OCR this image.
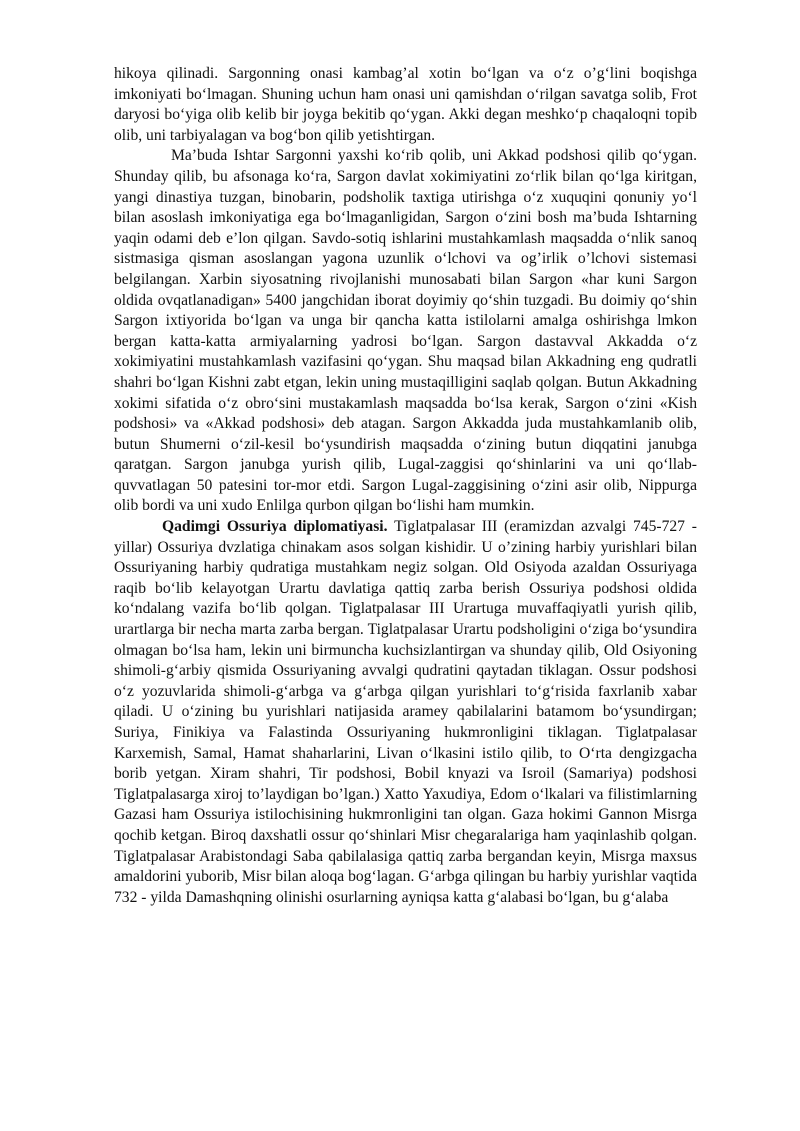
hikoya qilinadi. Sargonning onasi kambag’al xotin bo‘lgan va o‘z o’g‘lini boqishga imkoniyati bo‘lmagan. Shuning uchun ham onasi uni qamishdan o‘rilgan savatga solib, Frot daryosi bo‘yiga olib kelib bir joyga bekitib qo‘ygan. Akki degan meshko‘p chaqaloqni topib olib, uni tarbiyalagan va bog‘bon qilib yetishtirgan.

Ma’buda Ishtar Sargonni yaxshi ko‘rib qolib, uni Akkad podshosi qilib qo‘ygan. Shunday qilib, bu afsonaga ko‘ra, Sargon davlat xokimiyatini zo‘rlik bilan qo‘lga kiritgan, yangi dinastiya tuzgan, binobarin, podsholik taxtiga utirishga o‘z xuquqini qonuniy yo‘l bilan asoslash imkoniyatiga ega bo‘lmaganligidan, Sargon o‘zini bosh ma’buda Ishtarning yaqin odami deb e’lon qilgan. Savdo-sotiq ishlarini mustahkamlash maqsadda o‘nlik sanoq sistmasiga qisman asoslangan yagona uzunlik o‘lchovi va og’irlik o’lchovi sistemasi belgilangan. Xarbin siyosatning rivojlanishi munosabati bilan Sargon «har kuni Sargon oldida ovqatlanadigan» 5400 jangchidan iborat doyimiy qo‘shin tuzgadi. Bu doimiy qo‘shin Sargon ixtiyorida bo‘lgan va unga bir qancha katta istilolarni amalga oshirishga lmkon bergan katta-katta armiyalarning yadrosi bo‘lgan. Sargon dastavval Akkadda o‘z xokimiyatini mustahkamlash vazifasini qo‘ygan. Shu maqsad bilan Akkadning eng qudratli shahri bo‘lgan Kishni zabt etgan, lekin uning mustaqilligini saqlab qolgan. Butun Akkadning xokimi sifatida o‘z obro‘sini mustakamlash maqsadda bo‘lsa kerak, Sargon o‘zini «Kish podshosi» va «Akkad podshosi» deb atagan. Sargon Akkadda juda mustahkamlanib olib, butun Shumerni o‘zil-kesil bo‘ysundirish maqsadda o‘zining butun diqqatini janubga qaratgan. Sargon janubga yurish qilib, Lugal-zaggisi qo‘shinlarini va uni qo‘llab-quvvatlagan 50 patesini tor-mor etdi. Sargon Lugal-zaggisining o‘zini asir olib, Nippurga olib bordi va uni xudo Enlilga qurbon qilgan bo‘lishi ham mumkin.

Qadimgi Ossuriya diplomatiyasi. Tiglatpalasar III (eramizdan azvalgi 745-727 - yillar) Ossuriya dvzlatiga chinakam asos solgan kishidir. U o’zining harbiy yurishlari bilan Ossuriyaning harbiy qudratiga mustahkam negiz solgan. Old Osiyoda azaldan Ossuriyaga raqib bo‘lib kelayotgan Urartu davlatiga qattiq zarba berish Ossuriya podshosi oldida ko‘ndalang vazifa bo‘lib qolgan. Tiglatpalasar III Urartuga muvaffaqiyatli yurish qilib, urartlarga bir necha marta zarba bergan. Tiglatpalasar Urartu podsholigini o‘ziga bo‘ysundira olmagan bo‘lsa ham, lekin uni birmuncha kuchsizlantirgan va shunday qilib, Old Osiyoning shimoli-g‘arbiy qismida Ossuriyaning avvalgi qudratini qaytadan tiklagan. Ossur podshosi o‘z yozuvlarida shimoli-g‘arbga va g‘arbga qilgan yurishlari to‘g‘risida faxrlanib xabar qiladi. U o‘zining bu yurishlari natijasida aramey qabilalarini batamom bo‘ysundirgan; Suriya, Finikiya va Falastinda Ossuriyaning hukmronligini tiklagan. Tiglatpalasar Karxemish, Samal, Hamat shaharlarini, Livan o‘lkasini istilo qilib, to O‘rta dengizgacha borib yetgan. Xiram shahri, Tir podshosi, Bobil knyazi va Isroil (Samariya) podshosi Tiglatpalasarga xiroj to’laydigan bo’lgan.) Xatto Yaxudiya, Edom o‘lkalari va filistimlarning Gazasi ham Ossuriya istilochisining hukmronligini tan olgan. Gaza hokimi Gannon Misrga qochib ketgan. Biroq daxshatli ossur qo‘shinlari Misr chegaralariga ham yaqinlashib qolgan. Tiglatpalasar Arabistondagi Saba qabilalasiga qattiq zarba bergandan keyin, Misrga maxsus amaldorini yuborib, Misr bilan aloqa bog‘lagan. G‘arbga qilingan bu harbiy yurishlar vaqtida 732 - yilda Damashqning olinishi osurlarning ayniqsa katta g‘alabasi bo‘lgan, bu g‘alaba
